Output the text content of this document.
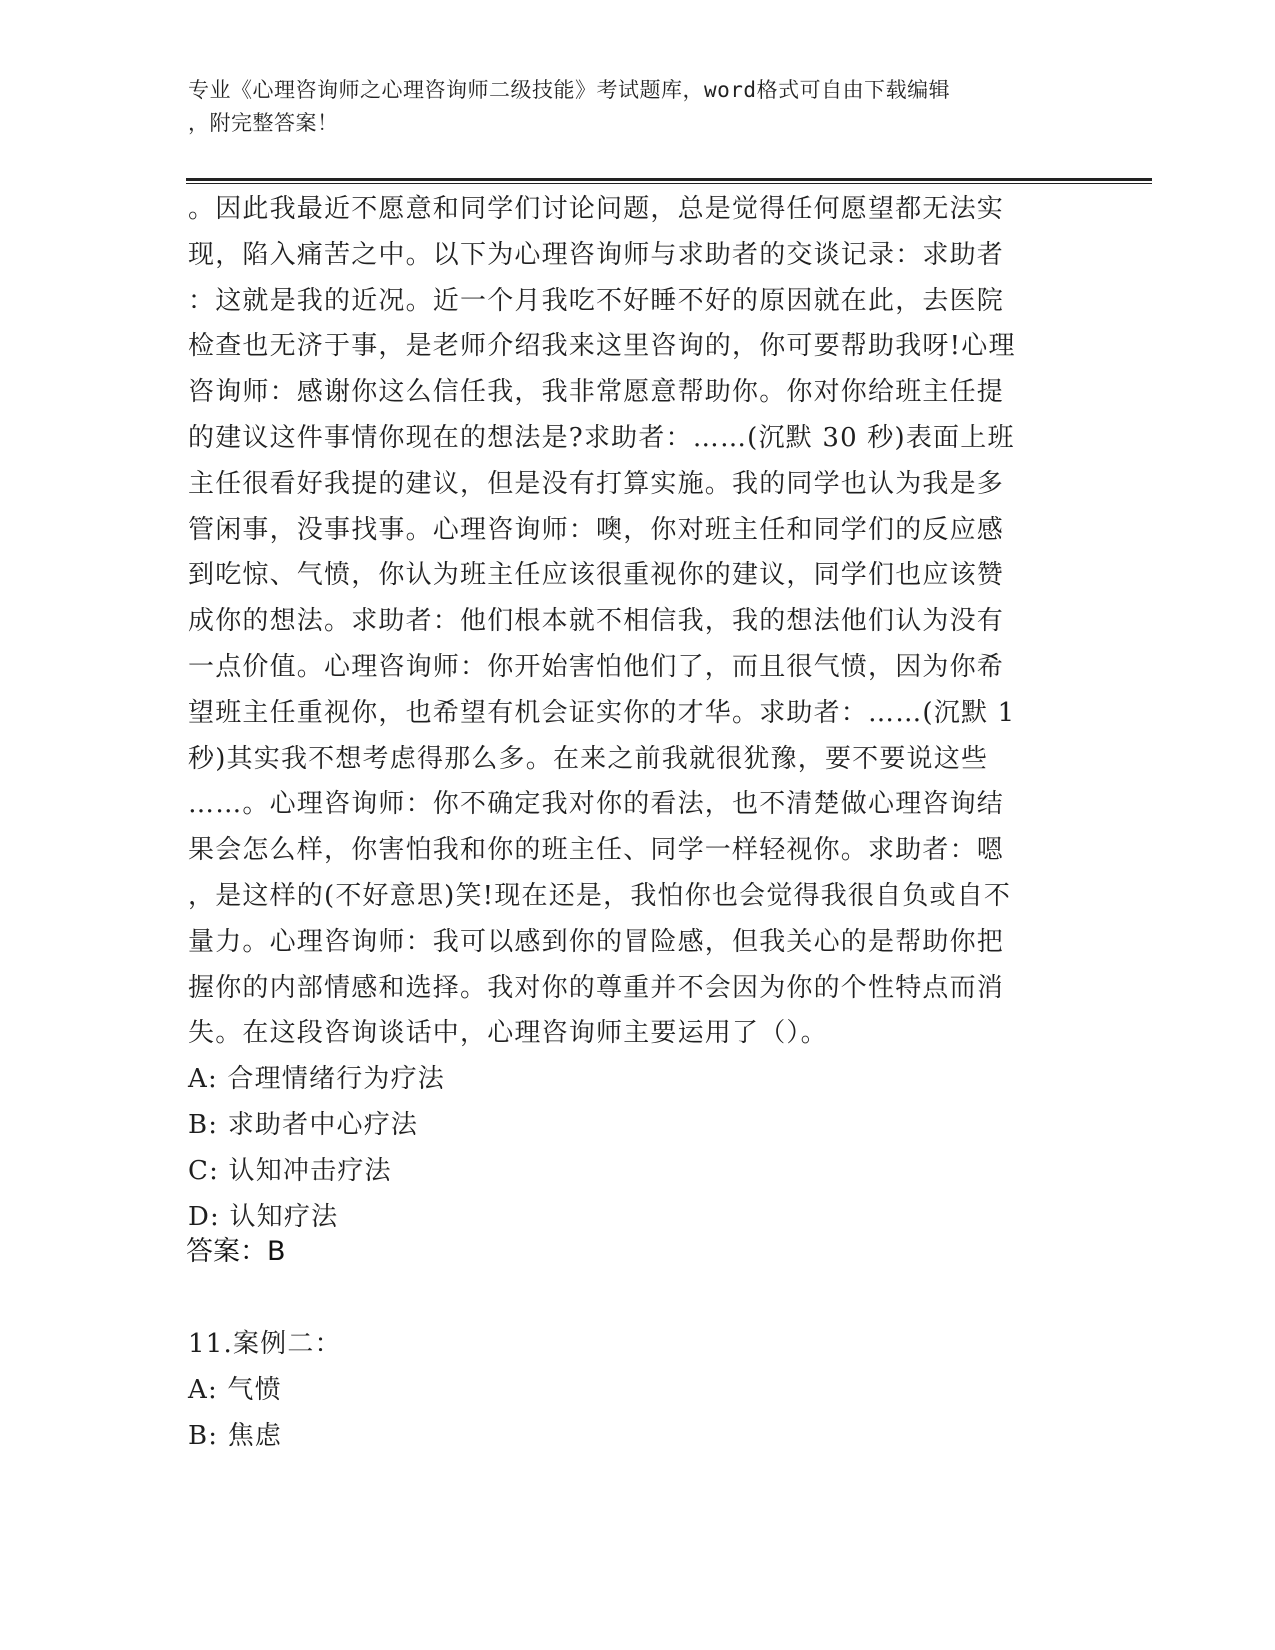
专业《心理咨询师之心理咨询师二级技能》考试题库，word格式可自由下载编辑
，附完整答案！
。因此我最近不愿意和同学们讨论问题，总是觉得任何愿望都无法实
现，陷入痛苦之中。以下为心理咨询师与求助者的交谈记录：求助者
：这就是我的近况。近一个月我吃不好睡不好的原因就在此，去医院
检查也无济于事，是老师介绍我来这里咨询的，你可要帮助我呀!心理
咨询师：感谢你这么信任我，我非常愿意帮助你。你对你给班主任提
的建议这件事情你现在的想法是?求助者：……(沉默 30 秒)表面上班
主任很看好我提的建议，但是没有打算实施。我的同学也认为我是多
管闲事，没事找事。心理咨询师：噢，你对班主任和同学们的反应感
到吃惊、气愤，你认为班主任应该很重视你的建议，同学们也应该赞
成你的想法。求助者：他们根本就不相信我，我的想法他们认为没有
一点价值。心理咨询师：你开始害怕他们了，而且很气愤，因为你希
望班主任重视你，也希望有机会证实你的才华。求助者：……(沉默 1
秒)其实我不想考虑得那么多。在来之前我就很犹豫，要不要说这些
……。心理咨询师：你不确定我对你的看法，也不清楚做心理咨询结
果会怎么样，你害怕我和你的班主任、同学一样轻视你。求助者：嗯
，是这样的(不好意思)笑!现在还是，我怕你也会觉得我很自负或自不
量力。心理咨询师：我可以感到你的冒险感，但我关心的是帮助你把
握你的内部情感和选择。我对你的尊重并不会因为你的个性特点而消
失。在这段咨询谈话中，心理咨询师主要运用了（）。
A: 合理情绪行为疗法
B: 求助者中心疗法
C: 认知冲击疗法
D: 认知疗法
答案：B
11.案例二：
A: 气愤
B: 焦虑
